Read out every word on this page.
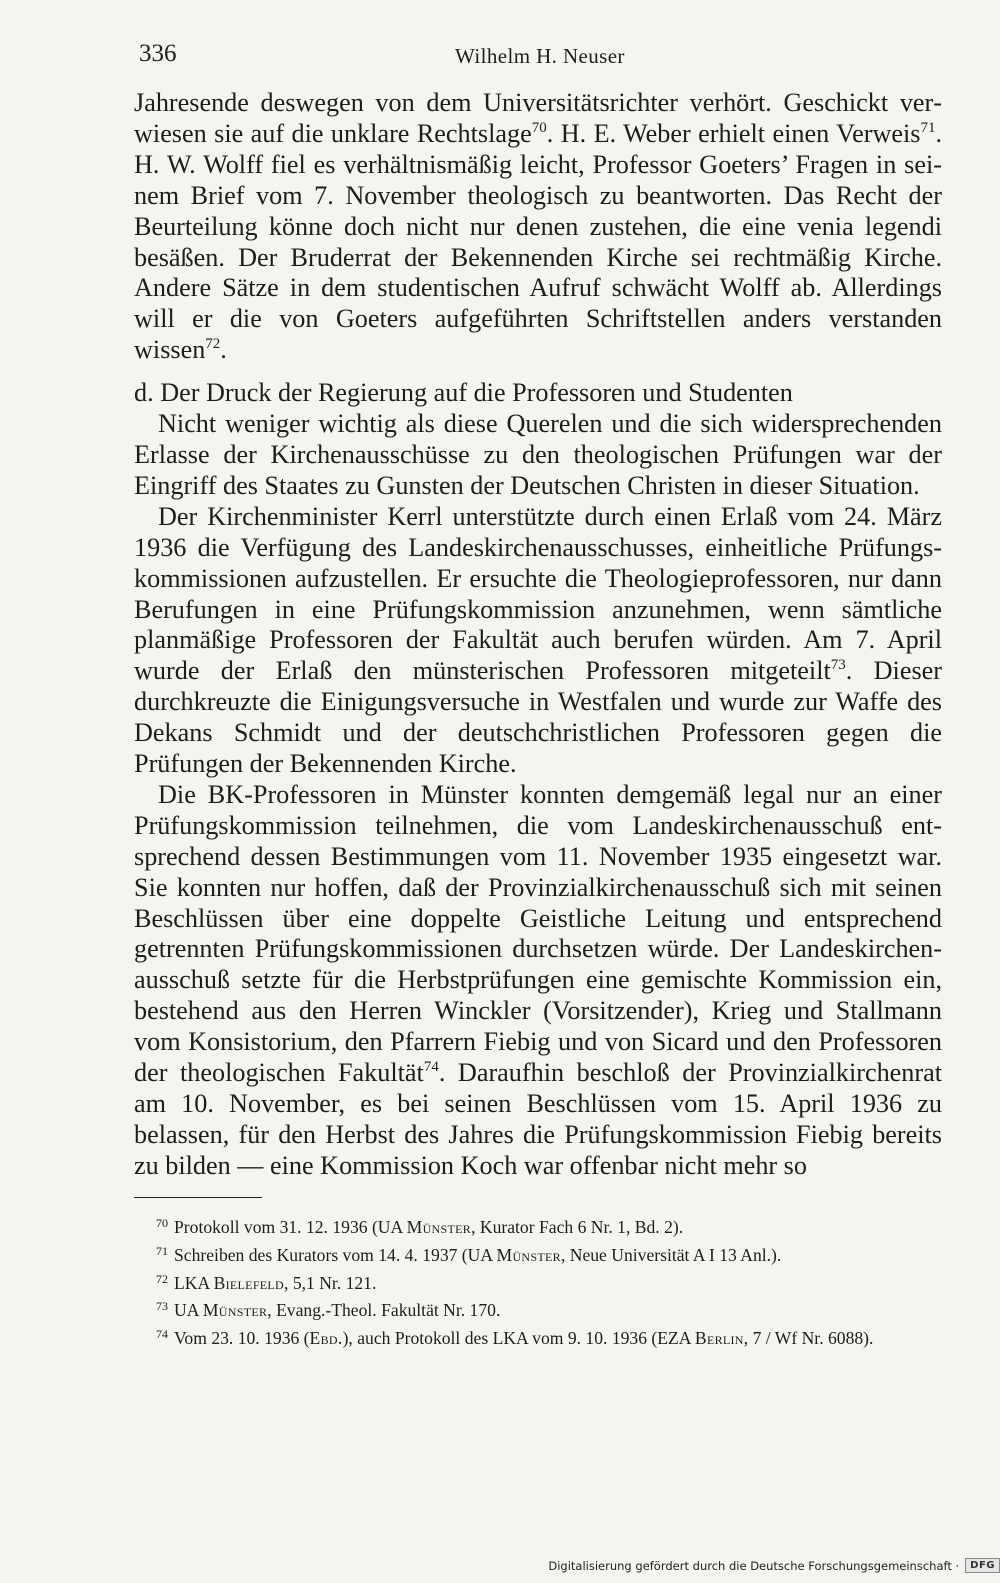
336	Wilhelm H. Neuser

Jahresende deswegen von dem Universitätsrichter verhört. Geschickt verwiesen sie auf die unklare Rechtslage$^{70}$. H. E. Weber erhielt einen Verweis$^{71}$. H. W. Wolff fiel es verhältnismäßig leicht, Professor Goeters’ Fragen in seinem Brief vom 7. November theologisch zu beantworten. Das Recht der Beurteilung könne doch nicht nur denen zustehen, die eine venia legendi besäßen. Der Bruderrat der Bekennenden Kirche sei rechtmäßig Kirche. Andere Sätze in dem studentischen Aufruf schwächt Wolff ab. Allerdings will er die von Goeters aufgeführten Schriftstellen anders verstanden wissen$^{72}$.

d. Der Druck der Regierung auf die Professoren und Studenten

Nicht weniger wichtig als diese Querelen und die sich widersprechenden Erlasse der Kirchenausschüsse zu den theologischen Prüfungen war der Eingriff des Staates zu Gunsten der Deutschen Christen in dieser Situation.

Der Kirchenminister Kerrl unterstützte durch einen Erlaß vom 24. März 1936 die Verfügung des Landeskirchenausschusses, einheitliche Prüfungskommissionen aufzustellen. Er ersuchte die Theologieprofessoren, nur dann Berufungen in eine Prüfungskommission anzunehmen, wenn sämtliche planmäßige Professoren der Fakultät auch berufen würden. Am 7. April wurde der Erlaß den münsterischen Professoren mitgeteilt$^{73}$. Dieser durchkreuzte die Einigungsversuche in Westfalen und wurde zur Waffe des Dekans Schmidt und der deutschchristlichen Professoren gegen die Prüfungen der Bekennenden Kirche.

Die BK-Professoren in Münster konnten demgemäß legal nur an einer Prüfungskommission teilnehmen, die vom Landeskirchenausschuß entsprechend dessen Bestimmungen vom 11. November 1935 eingesetzt war. Sie konnten nur hoffen, daß der Provinzialkirchenausschuß sich mit seinen Beschlüssen über eine doppelte Geistliche Leitung und entsprechend getrennten Prüfungskommissionen durchsetzen würde. Der Landeskirchenausschuß setzte für die Herbstprüfungen eine gemischte Kommission ein, bestehend aus den Herren Winckler (Vorsitzender), Krieg und Stallmann vom Konsistorium, den Pfarrern Fiebig und von Sicard und den Professoren der theologischen Fakultät$^{74}$. Daraufhin beschloß der Provinzialkirchenrat am 10. November, es bei seinen Beschlüssen vom 15. April 1936 zu belassen, für den Herbst des Jahres die Prüfungskommission Fiebig bereits zu bilden — eine Kommission Koch war offenbar nicht mehr so

$^{70}$ Protokoll vom 31. 12. 1936 (UA Münster, Kurator Fach 6 Nr. 1, Bd. 2).

$^{71}$ Schreiben des Kurators vom 14. 4. 1937 (UA Münster, Neue Universität A I 13 Anl.).

$^{72}$ LKA Bielefeld, 5,1 Nr. 121.

$^{73}$ UA Münster, Evang.-Theol. Fakultät Nr. 170.

$^{74}$ Vom 23. 10. 1936 (Ebd.), auch Protokoll des LKA vom 9. 10. 1936 (EZA Berlin, 7 / Wf Nr. 6088).

Digitalisierung gefördert durch die Deutsche Forschungsgemeinschaft ·	DFG
